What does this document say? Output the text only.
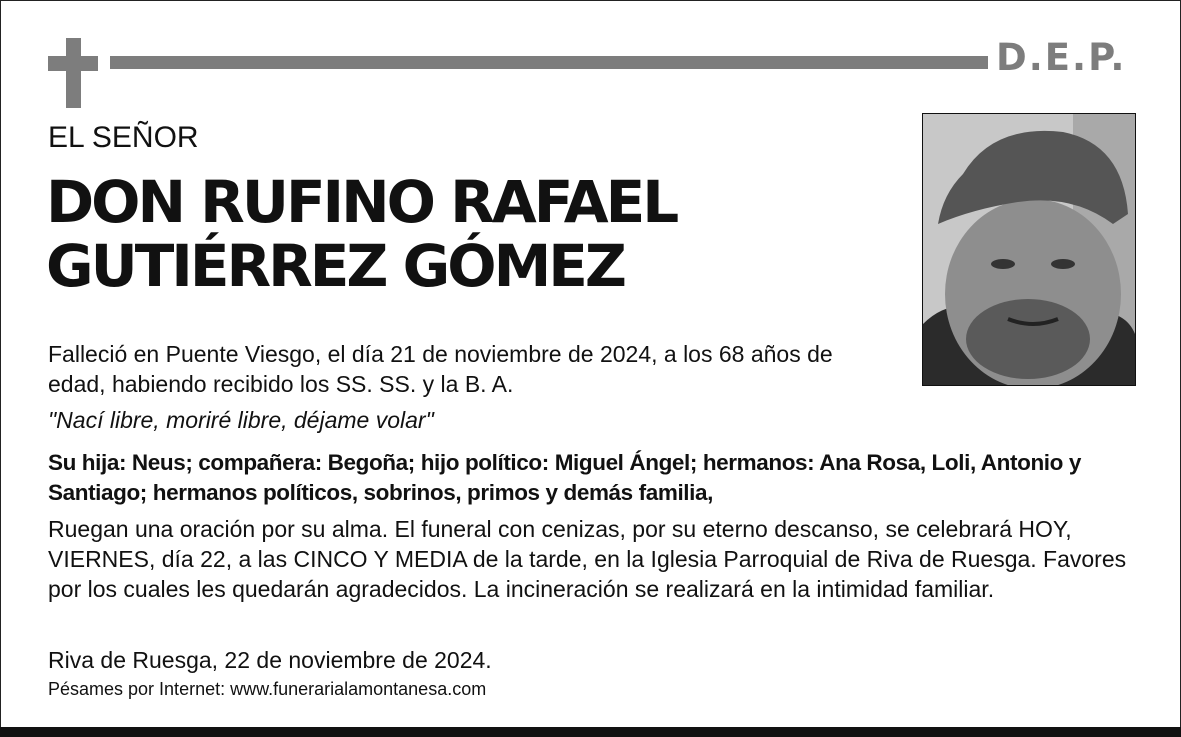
D.E.P.
EL SEÑOR
DON RUFINO RAFAEL
GUTIÉRREZ GÓMEZ

Falleció en Puente Viesgo, el día 21 de noviembre de 2024, a los 68 años de edad, habiendo recibido los SS. SS. y la B. A.

"Nací libre, moriré libre, déjame volar"

Su hija: Neus; compañera: Begoña; hijo político: Miguel Ángel; hermanos: Ana Rosa, Loli, Antonio y Santiago; hermanos políticos, sobrinos, primos y demás familia,

Ruegan una oración por su alma. El funeral con cenizas, por su eterno descanso, se celebrará HOY, VIERNES, día 22, a las CINCO Y MEDIA de la tarde, en la Iglesia Parroquial de Riva de Ruesga. Favores por los cuales les quedarán agradecidos. La incineración se realizará en la intimidad familiar.

Riva de Ruesga, 22 de noviembre de 2024.

Pésames por Internet: www.funerarialamontanesa.com
